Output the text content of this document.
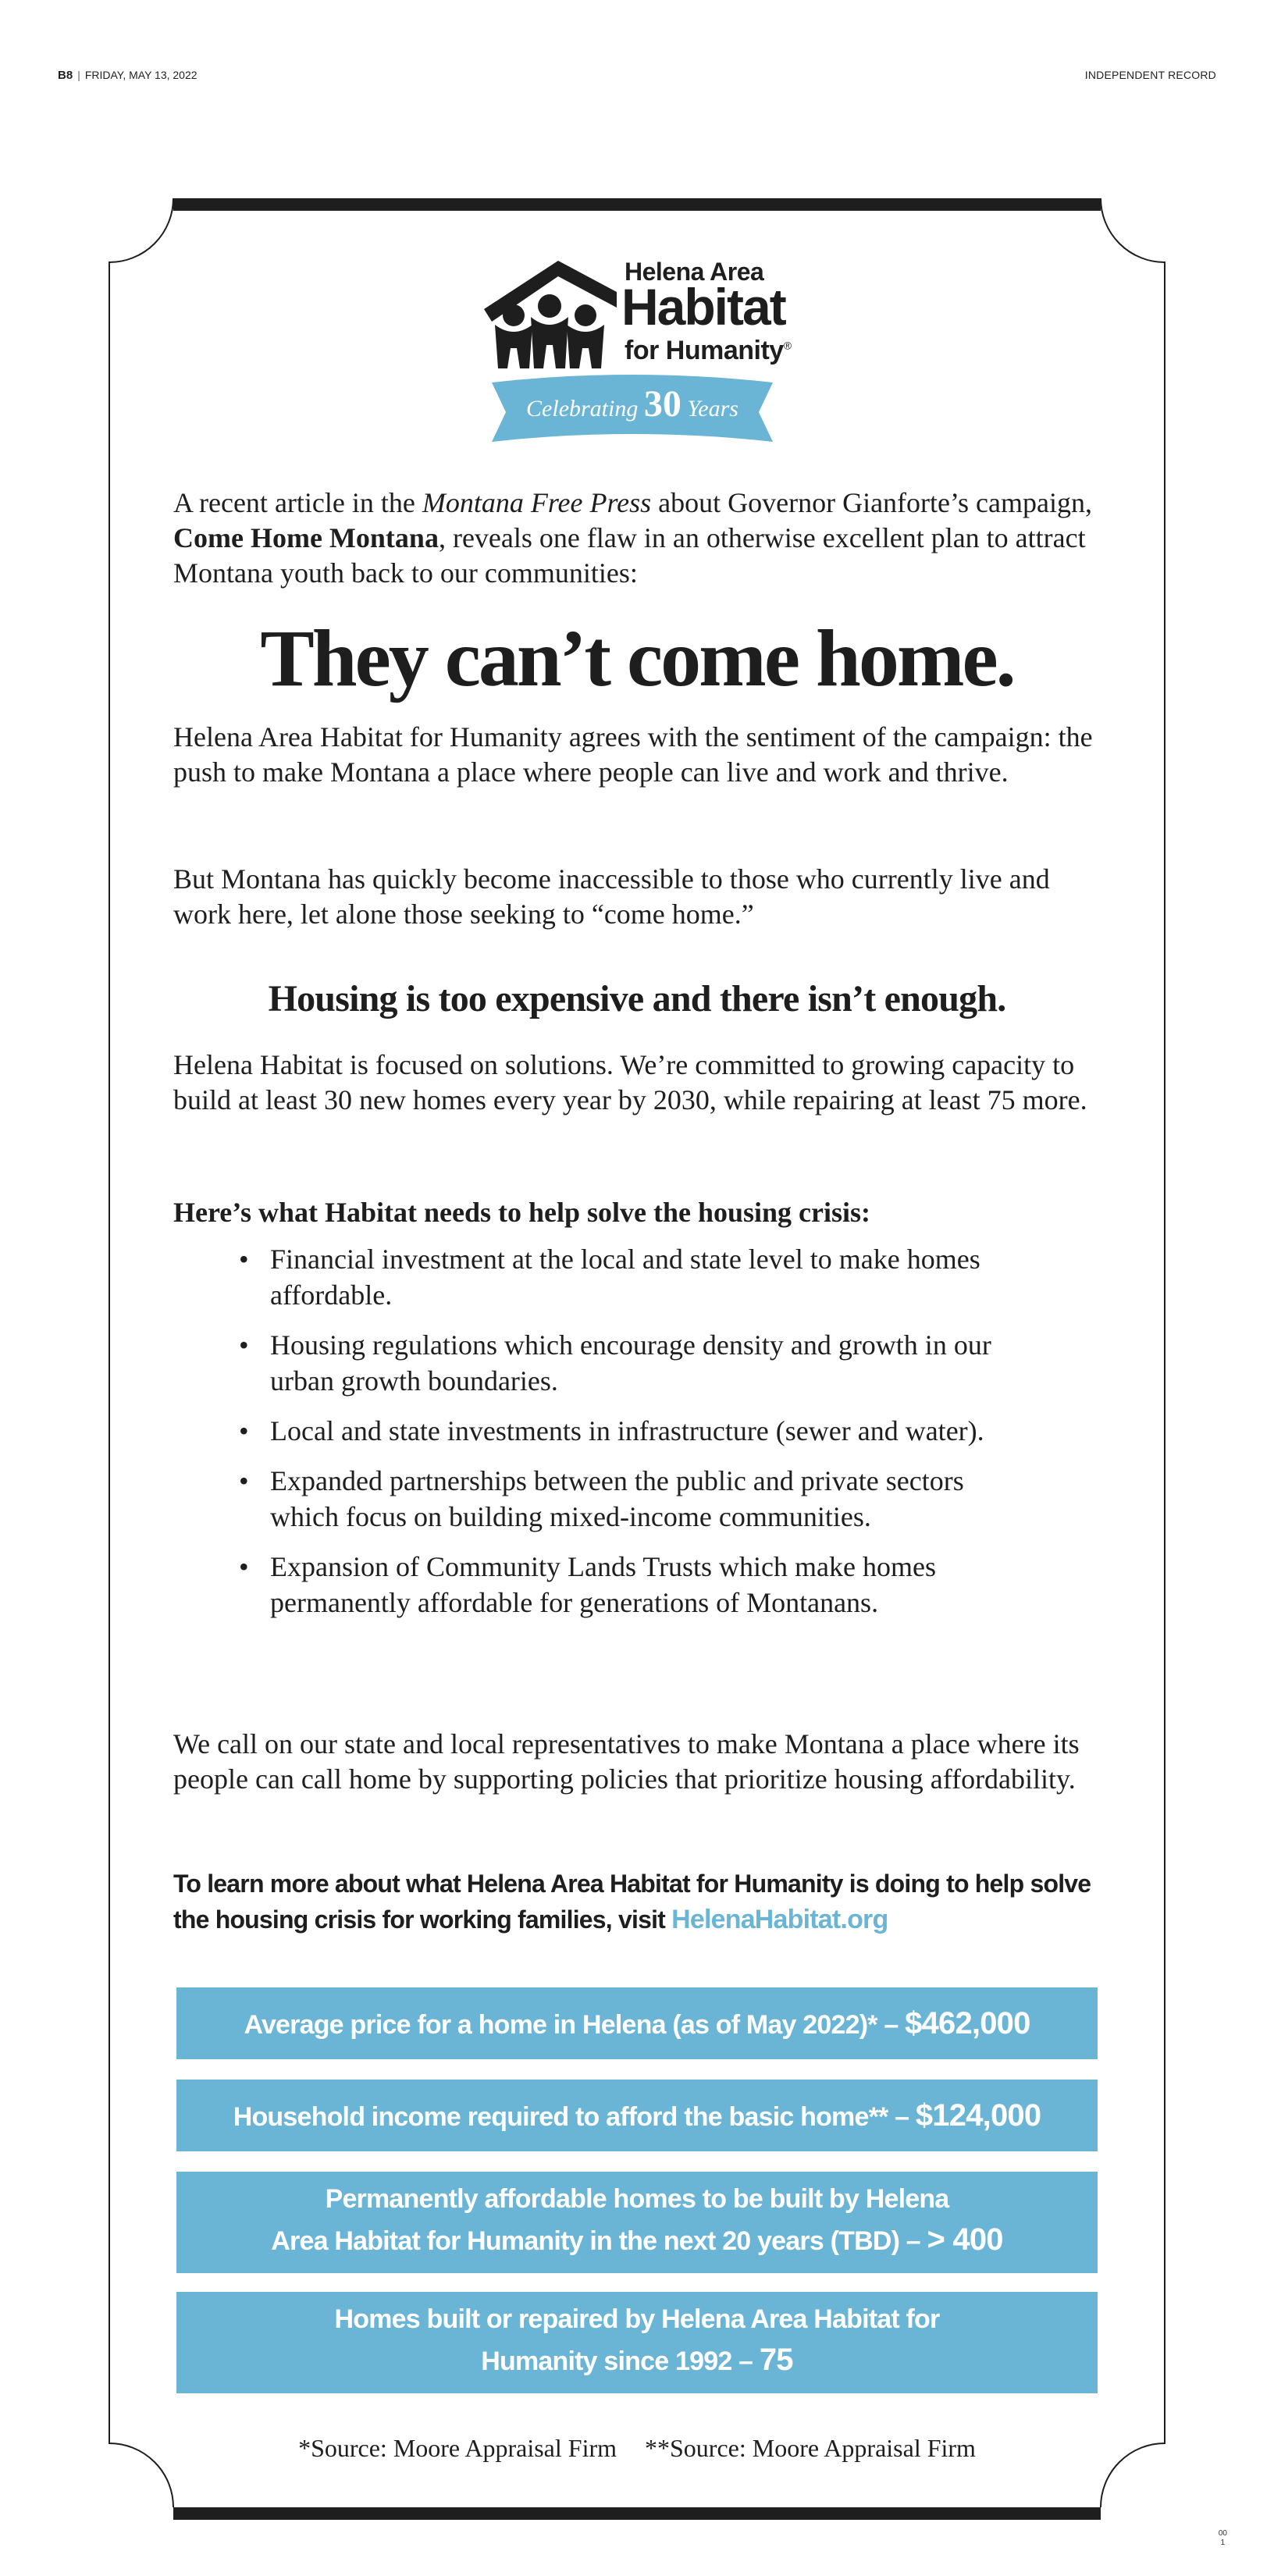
B8 | FRIDAY, MAY 13, 2022	INDEPENDENT RECORD
Helena Area
Habitat
for Humanity®
Celebrating 30 Years
A recent article in the Montana Free Press about Governor Gianforte’s campaign, Come Home Montana, reveals one flaw in an otherwise excellent plan to attract Montana youth back to our communities:
They can’t come home.
Helena Area Habitat for Humanity agrees with the sentiment of the campaign: the push to make Montana a place where people can live and work and thrive.
But Montana has quickly become inaccessible to those who currently live and work here, let alone those seeking to “come home.”
Housing is too expensive and there isn’t enough.
Helena Habitat is focused on solutions. We’re committed to growing capacity to build at least 30 new homes every year by 2030, while repairing at least 75 more.
Here’s what Habitat needs to help solve the housing crisis:
• Financial investment at the local and state level to make homes affordable.
• Housing regulations which encourage density and growth in our urban growth boundaries.
• Local and state investments in infrastructure (sewer and water).
• Expanded partnerships between the public and private sectors which focus on building mixed-income communities.
• Expansion of Community Lands Trusts which make homes permanently affordable for generations of Montanans.
We call on our state and local representatives to make Montana a place where its people can call home by supporting policies that prioritize housing affordability.
To learn more about what Helena Area Habitat for Humanity is doing to help solve the housing crisis for working families, visit HelenaHabitat.org
Average price for a home in Helena (as of May 2022)* – $462,000
Household income required to afford the basic home** – $124,000
Permanently affordable homes to be built by Helena
Area Habitat for Humanity in the next 20 years (TBD) – > 400
Homes built or repaired by Helena Area Habitat for
Humanity since 1992 – 75
*Source: Moore Appraisal Firm **Source: Moore Appraisal Firm
00
1
